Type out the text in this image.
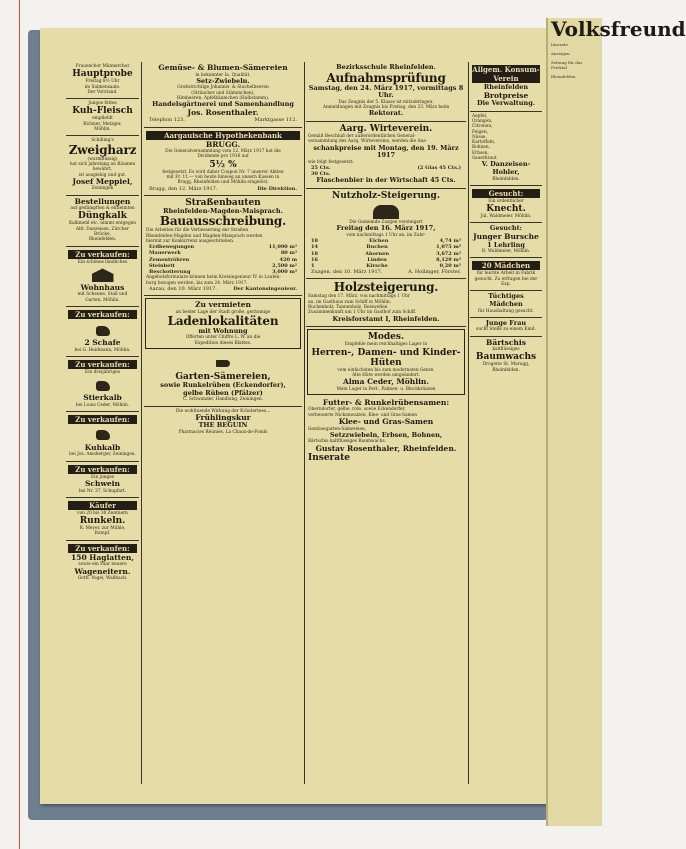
Frauenchor Männerchor
Hauptprobe
Freitag 8½ Uhr
im Salmensaale.
Der Vorstand.
Junges fettes
Kuh-Fleisch
empfiehlt
Richner, Metzger,
Möhlin.
Schilling's
Zweigharz
(warmflüssig)
hat sich jahrelang an Bäumen bewährt,
ist ausgiebig und gut.
Josef Meppiel,
Zeiningen
Bestellungen
auf gedämpften & entleimten
Düngkalk
Kalkmehl etc. nimmt entgegen
Alfr. Danzeisen, Zürcher Brücke,
Rheinfelden.
Zu verkaufen:
Ein schönes ländliches
Wohnhaus
mit Scheune, Stall und
Garten, Möhlin.
Zu verkaufen:
2 Schafe
bei G. Heidmann, Möhlin.
Zu verkaufen:
Ein dreijähriges
Stierkalb
bei Louis Ceder, Möhlin.
Zu verkaufen:
Kuhkalb
bei Jos. Amsberger, Zeiningen.
Zu verkaufen:
Ein junges
Schwein
bei Nr. 37, Schupfart.
Käufer
von 20 bis 30 Zentnern
Runkeln.
R. Meyer, zur Mühle,
Rumpf.
Zu verkaufen:
150 Haglatten,
sowie ein Paar neuere
Wageneitern.
Gottl. Vogel, Wallbach.
Gemüse- & Blumen-Sämereien
in bekannter Ia. Qualität.
Setz-Zwiebeln.
Großstrichtige Johannis- & Stachelbeeren
(Sträucher und Stämmchen),
Himbeeren, Apfelbäumchen (Halbstamm),
Handelsgärtnerei und Samenhandlung
Jos. Rosenthaler.
Telephon 123.	Marktgasse 112.
Aargauische Hypothekenbank
BRUGG.
Die Generalversammlung vom 12. März 1917 hat die
Dividende pro 1916 auf
5½ %
festgesetzt. Es wird daher Coupon Nr. 7 unserer Aktien
mit Fr. 11.— von heute hinweg an unsern Kassen in
Brugg, Rheinfelden und Möhlin eingelöst.
Brugg, den 12. März 1917.	Die Direktion.
Straßenbauten
Rheinfelden-Magden-Maisprach.
Bauausschreibung.
Die Arbeiten für die Verbesserung der Straßen
Rheinfelden-Magden und Magden-Maisprach werden
hiermit zur Konkurrenz ausgeschrieben.
Erdbewegungen	11,000 m³
Mauerwerk	80 m³
Zementröhren	420 m
Steinbett	2,500 m²
Beschotterung	3,000 m³
Angebotsformulare können beim Kreisingenieur IV in Laufen-
burg bezogen werden, bis zum 24. März 1917.
Aarau, den 10. März 1917.	Der Kantonsingenieur.
Zu vermieten
an bester Lage der Stadt große, geräumige
Ladenlokalitäten
mit Wohnung
Offerten unter Chiffre L. W. an die
Expedition dieses Blattes.
Garten-Sämereien,
sowie Runkelrüben (Eckendorfer),
gelbe Rüben (Pfälzer)
C. Schwander, Handlung, Zeiningen.
Die wohltuende Wirkung der Kräutertees...
Frühlingskur
THE BEGUIN
Pharmacies Réunies, La Chaux-de-Fonds
Bezirksschule Rheinfelden.
Aufnahmsprüfung
Samstag, den 24. März 1917, vormittags 8 Uhr.
Das Zeugnis der 5. Klasse ist mitzubringen.
Anmeldungen mit Zeugnis bis Freitag, den 23. März beim
Rektorat.
Aarg. Wirteverein.
Gemäß Beschluß der außerordentlichen General-
versammlung des Aarg. Wirtevereins, werden die Aus-
schankpreise mit Montag, den 19. März 1917
wie folgt festgesetzt:
25 Cts.	(2 Glas 45 Cts.)
30 Cts.
Flaschenbier in der Wirtschaft 45 Cts.
Nutzholz-Steigerung.
Die Gemeinde Zuzgen versteigert
Freitag den 16. März 1917,
vom nachmittags 1 Uhr an, im Zuhr-
18	Eichen	4,74 m³
14	Buchen	1,075 m³
18	Ahornen	3,672 m³
16	Linden	8,129 m³
1	Kirsche	0,20 m³
Zuzgen, den 10. März 1917.	A. Hollinger, Förster.
Holzsteigerung.
Samstag den 17. März, von nachmittags 1 Uhr
an, im Gasthaus zum Schiff in Möhlin:
Buchenholz, Tannenholz, Reiswellen
Zusammenkunft um 1 Uhr im Gasthof zum Schiff.
Kreisforstamt I, Rheinfelden.
Modes.
Empfehle mein reichhaltiges Lager in
Herren-, Damen- und Kinder-Hüten
vom einfachsten bis zum modernsten Genre.
Alte Hüte werden umgeändert.
Alma Ceder, Möhlin.
Mein Lager in Perl-, Palmen- u. Blechkränzen
Futter- & Runkelrübensamen:
Oberndorfer, gelbe, rote, sowie Eckendorfer,
verbesserte Nickenwalzen, Klee- und Gras-Samen
Klee- und Gras-Samen
Gemüsegarten-Sämereien,
Setzzwiebeln, Erbsen, Bohnen,
Bärtschis kaltflüssiges Baumwachs.
Gustav Rosenthaler, Rheinfelden.
Inserate
Allgem. Konsum-Verein
Rheinfelden
Brotpreise
Die Verwaltung.
Aepfel,
Orangen,
Citronen,
Feigen,
Nüsse,
Kartoffeln,
Bohnen,
Erbsen,
Sauerkraut
V. Danzeisen-Hohler,
Rheinfelden.
Gesucht:
Ein ordentlicher
Knecht.
Jul. Waldmeier, Möhlin.
Gesucht:
Junger Bursche
1 Lehrling
R. Waldmeier, Möhlin.
20 Mädchen
für leichte Arbeit in Fabrik
gesucht. Zu erfragen bei der Exp.
Tüchtiges Mädchen
für Haushaltung gesucht.
Junge Frau
sucht Stelle zu einem Kind.
Bärtschis
kaltflüssiges
Baumwachs
Drogerie St. Marugg, Rheinfelden.
Volksfreund
Inserate
Anzeigen
Zeitung für das Fricktal
Rheinfelden
